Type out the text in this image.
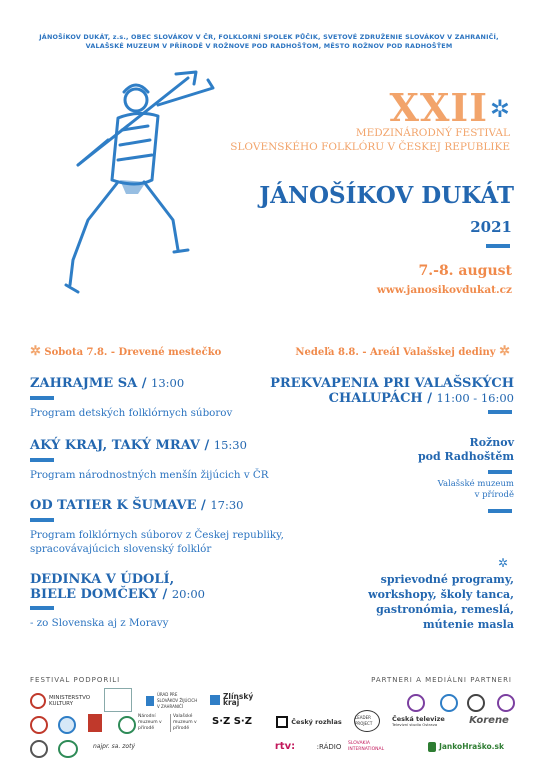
JÁNOŠÍKOV DUKÁT, z.s., OBEC SLOVÁKOV V ČR, FOLKLORNÍ SPOLEK PŮČIK, SVETOVÉ ZDRUŽENIE SLOVÁKOV V ZAHRANIČÍ, VALAŠSKÉ MUZEUM V PŘÍRODĚ V ROŽNOVE POD RADHOŠŤOM, MĚSTO ROŽNOV POD RADHOŠŤEM
XXII ✲
MEDZINÁRODNÝ FESTIVAL
SLOVENSKÉHO FOLKLÓRU V ČESKEJ REPUBLIKE
JÁNOŠÍKOV DUKÁT
2021
7.-8. august
www.janosikovdukat.cz
✲ Sobota 7.8. - Drevené mestečko	Nedeľa 8.8. - Areál Valašskej dediny ✲
ZAHRAJME SA / 13:00
Program detských folklórnych súborov
AKÝ KRAJ, TAKÝ MRAV / 15:30
Program národnostných menšín žijúcich v ČR
OD TATIER K ŠUMAVE / 17:30
Program folklórnych súborov z Českej republiky, spracovávajúcich slovenský folklór
DEDINKA V ÚDOLÍ,
BIELE DOMČEKY / 20:00
- zo Slovenska aj z Moravy
PREKVAPENIA PRI VALAŠSKÝCH
CHALUPÁCH / 11:00 - 16:00
Rožnov
pod Radhoštěm
Valašské muzeum
v přírodě
✲
sprievodné programy,
workshopy, školy tanca,
gastronómia, remeslá,
mútenie masla
FESTIVAL PODPORILI	PARTNERI A MEDIÁLNI PARTNERI
MINISTERSTVO KULTURY
ÚRAD PRE SLOVÁKOV ŽIJÚCICH V ZAHRANIČÍ
Zlínský kraj
Národní muzeum v přírodě
Valašské muzeum v přírodě
S·Z S·Z	Český rozhlas
LEADER PROJECT
Česká televize
Televizní studio Ostrava	Korene
najpr. sa. zotý	rtv:	:RÁDIO	SLOVAKIA INTERNATIONAL	JankoHraško.sk
